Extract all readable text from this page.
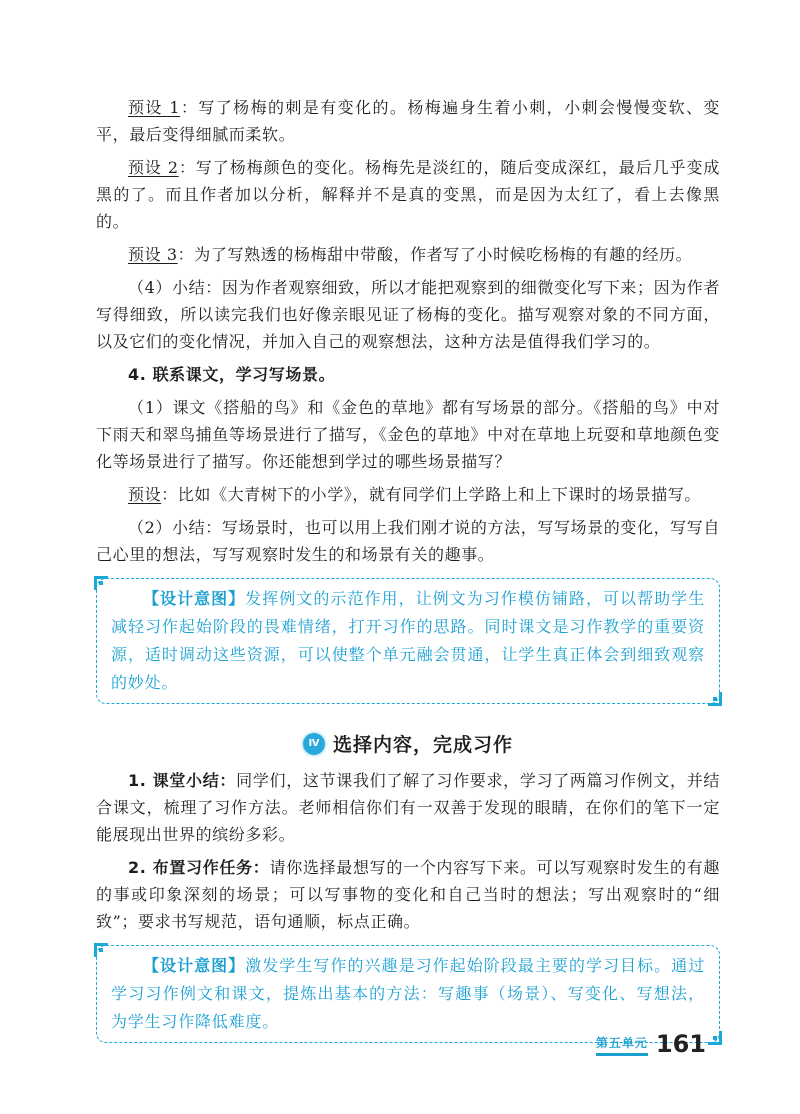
预设 1：写了杨梅的刺是有变化的。杨梅遍身生着小刺，小刺会慢慢变软、变平，最后变得细腻而柔软。

预设 2：写了杨梅颜色的变化。杨梅先是淡红的，随后变成深红，最后几乎变成黑的了。而且作者加以分析，解释并不是真的变黑，而是因为太红了，看上去像黑的。

预设 3：为了写熟透的杨梅甜中带酸，作者写了小时候吃杨梅的有趣的经历。

（4）小结：因为作者观察细致，所以才能把观察到的细微变化写下来；因为作者写得细致，所以读完我们也好像亲眼见证了杨梅的变化。描写观察对象的不同方面，以及它们的变化情况，并加入自己的观察想法，这种方法是值得我们学习的。

4. 联系课文，学习写场景。

（1）课文《搭船的鸟》和《金色的草地》都有写场景的部分。《搭船的鸟》中对下雨天和翠鸟捕鱼等场景进行了描写，《金色的草地》中对在草地上玩耍和草地颜色变化等场景进行了描写。你还能想到学过的哪些场景描写？

预设：比如《大青树下的小学》，就有同学们上学路上和上下课时的场景描写。

（2）小结：写场景时，也可以用上我们刚才说的方法，写写场景的变化，写写自己心里的想法，写写观察时发生的和场景有关的趣事。

【设计意图】发挥例文的示范作用，让例文为习作模仿铺路，可以帮助学生减轻习作起始阶段的畏难情绪，打开习作的思路。同时课文是习作教学的重要资源，适时调动这些资源，可以使整个单元融会贯通，让学生真正体会到细致观察的妙处。

Ⅳ 选择内容，完成习作

1. 课堂小结：同学们，这节课我们了解了习作要求，学习了两篇习作例文，并结合课文，梳理了习作方法。老师相信你们有一双善于发现的眼睛，在你们的笔下一定能展现出世界的缤纷多彩。

2. 布置习作任务：请你选择最想写的一个内容写下来。可以写观察时发生的有趣的事或印象深刻的场景；可以写事物的变化和自己当时的想法；写出观察时的“细致”；要求书写规范，语句通顺，标点正确。

【设计意图】激发学生写作的兴趣是习作起始阶段最主要的学习目标。通过学习习作例文和课文，提炼出基本的方法：写趣事（场景）、写变化、写想法，为学生习作降低难度。

第五单元 161
